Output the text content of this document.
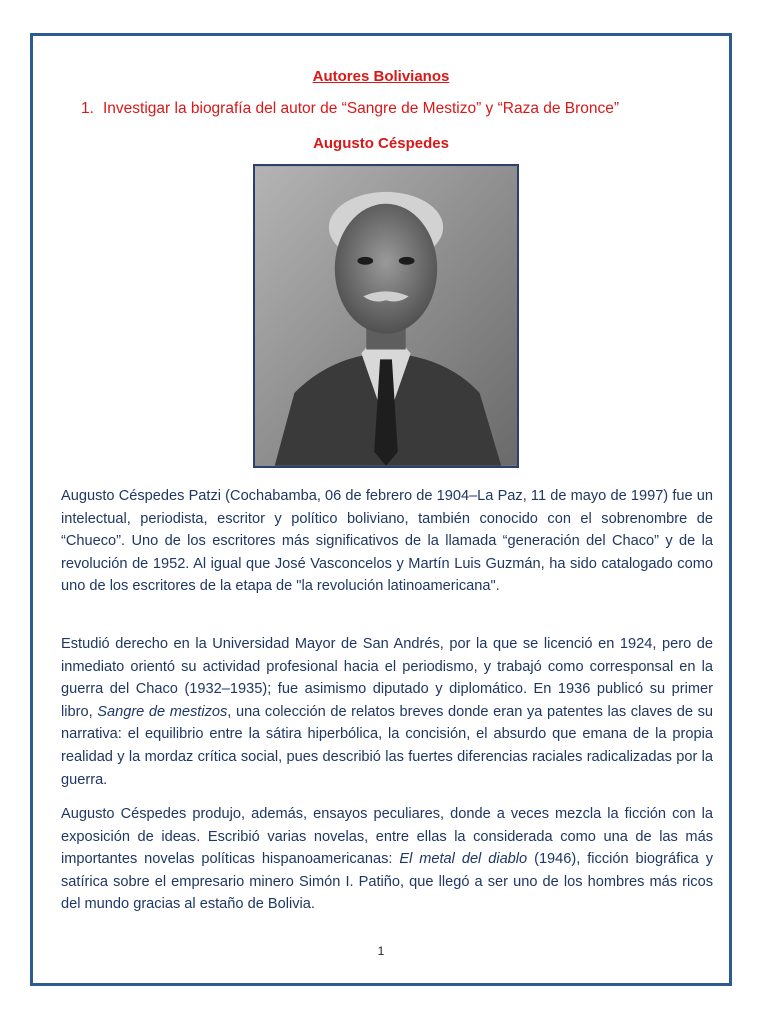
Autores Bolivianos

1. Investigar la biografía del autor de “Sangre de Mestizo” y “Raza de Bronce”

Augusto Céspedes

Augusto Céspedes Patzi (Cochabamba, 06 de febrero de 1904–La Paz, 11 de mayo de 1997) fue un intelectual, periodista, escritor y político boliviano, también conocido con el sobrenombre de “Chueco”. Uno de los escritores más significativos de la llamada “generación del Chaco” y de la revolución de 1952. Al igual que José Vasconcelos y Martín Luis Guzmán, ha sido catalogado como uno de los escritores de la etapa de "la revolución latinoamericana".

Estudió derecho en la Universidad Mayor de San Andrés, por la que se licenció en 1924, pero de inmediato orientó su actividad profesional hacia el periodismo, y trabajó como corresponsal en la guerra del Chaco (1932–1935); fue asimismo diputado y diplomático. En 1936 publicó su primer libro, Sangre de mestizos, una colección de relatos breves donde eran ya patentes las claves de su narrativa: el equilibrio entre la sátira hiperbólica, la concisión, el absurdo que emana de la propia realidad y la mordaz crítica social, pues describió las fuertes diferencias raciales radicalizadas por la guerra.

Augusto Céspedes produjo, además, ensayos peculiares, donde a veces mezcla la ficción con la exposición de ideas. Escribió varias novelas, entre ellas la considerada como una de las más importantes novelas políticas hispanoamericanas: El metal del diablo (1946), ficción biográfica y satírica sobre el empresario minero Simón I. Patiño, que llegó a ser uno de los hombres más ricos del mundo gracias al estaño de Bolivia.

1
